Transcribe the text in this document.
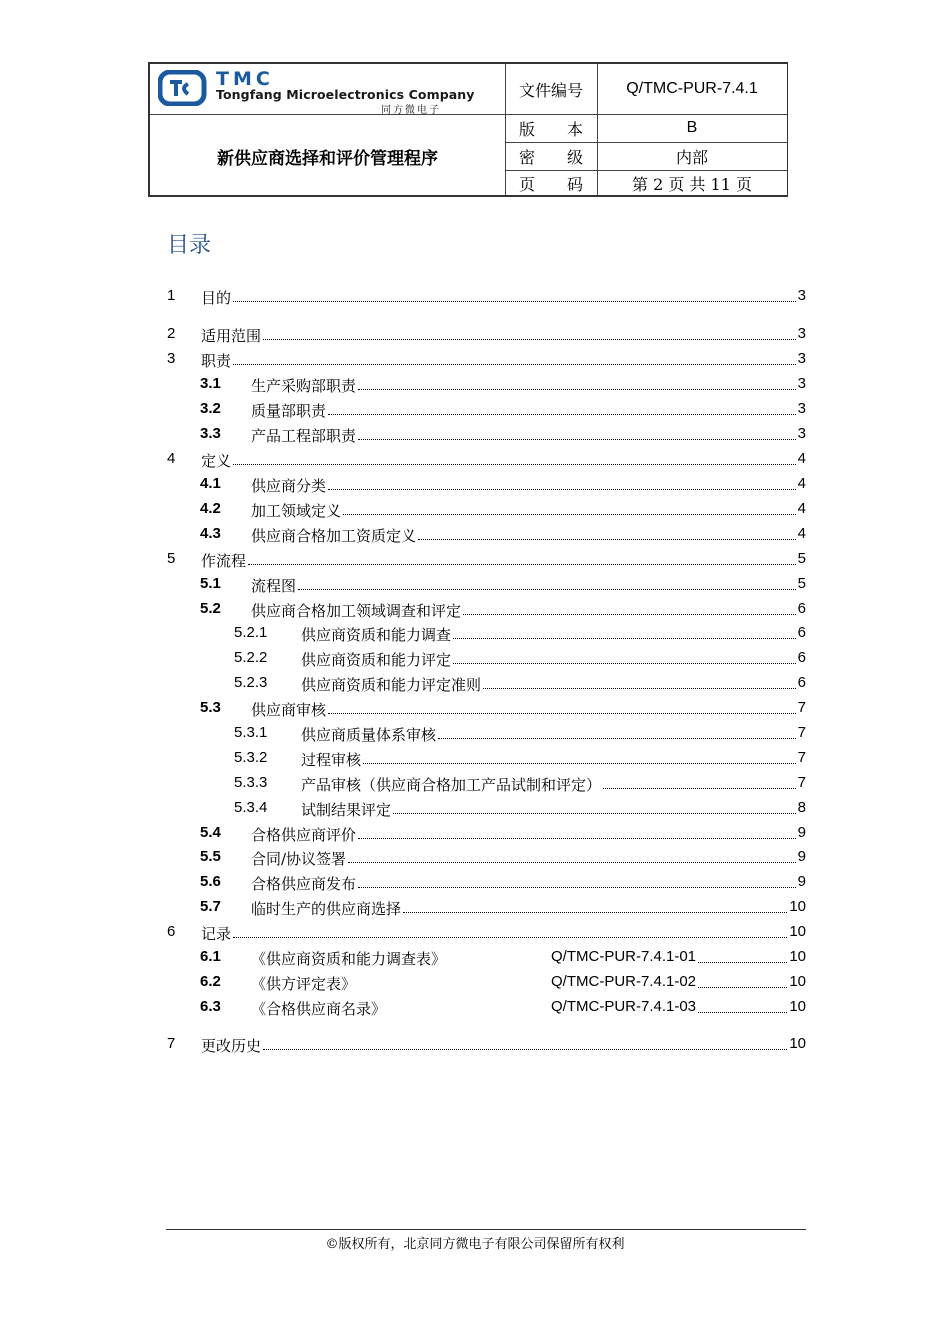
TMC
Tongfang Microelectronics Company
同方微电子
新供应商选择和评价管理程序
文件编号	Q/TMC-PUR-7.4.1
版　　本	B
密　　级	内部
页　　码	第 2 页 共 11 页
目录
1 目的	3
2 适用范围	3
3 职责	3
3.1 生产采购部职责	3
3.2 质量部职责	3
3.3 产品工程部职责	3
4 定义	4
4.1 供应商分类	4
4.2 加工领域定义	4
4.3 供应商合格加工资质定义	4
5 作流程	5
5.1 流程图	5
5.2 供应商合格加工领域调查和评定	6
5.2.1 供应商资质和能力调查	6
5.2.2 供应商资质和能力评定	6
5.2.3 供应商资质和能力评定准则	6
5.3 供应商审核	7
5.3.1 供应商质量体系审核	7
5.3.2 过程审核	7
5.3.3 产品审核（供应商合格加工产品试制和评定）	7
5.3.4 试制结果评定	8
5.4 合格供应商评价	9
5.5 合同/协议签署	9
5.6 合格供应商发布	9
5.7 临时生产的供应商选择	10
6 记录	10
6.1 《供应商资质和能力调查表》	Q/TMC-PUR-7.4.1-01	10
6.2 《供方评定表》	Q/TMC-PUR-7.4.1-02	10
6.3 《合格供应商名录》	Q/TMC-PUR-7.4.1-03	10
7 更改历史	10
©版权所有，北京同方微电子有限公司保留所有权利
